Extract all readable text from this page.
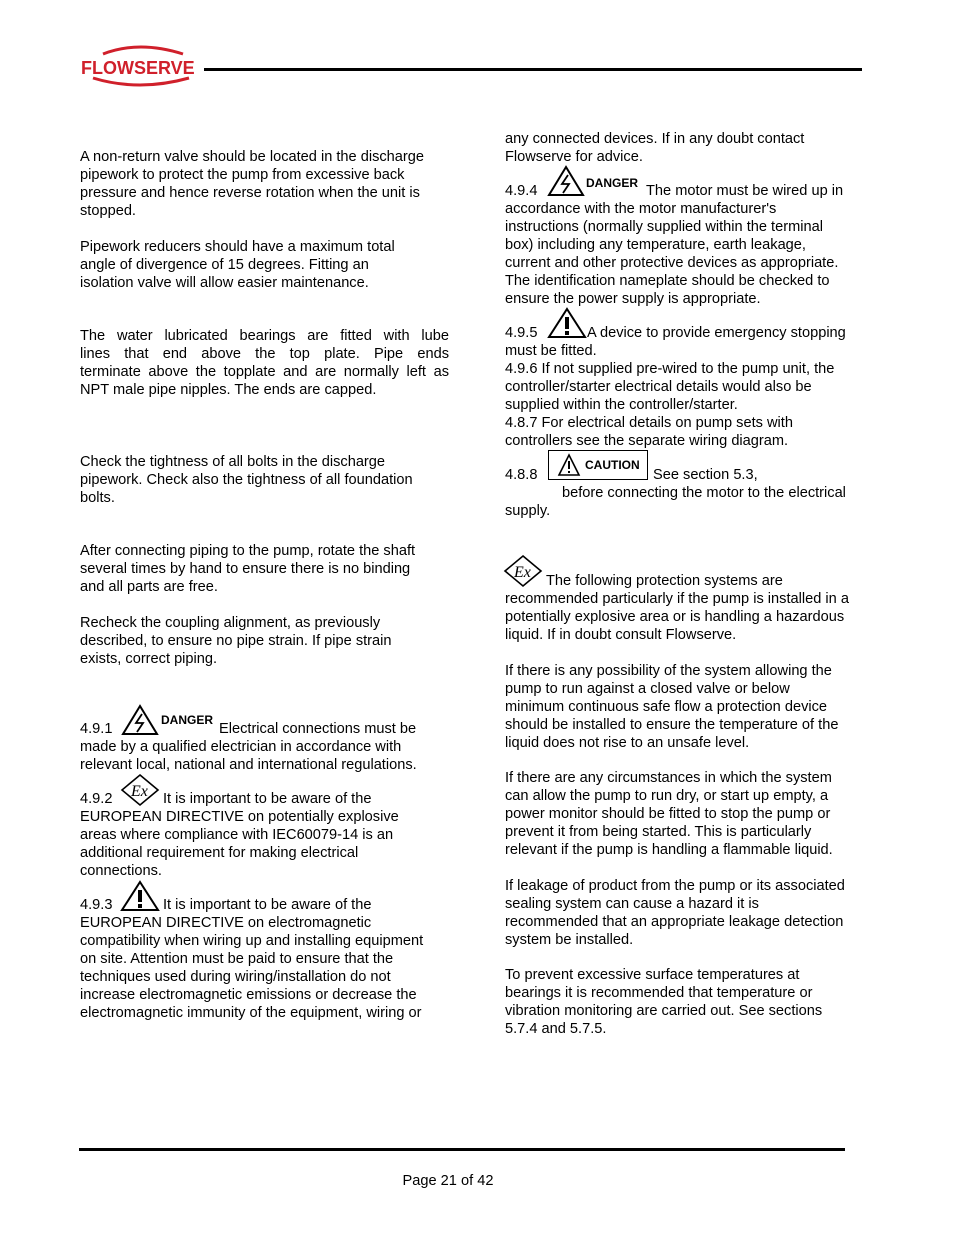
FLOWSERVE
A non-return valve should be located in the discharge
pipework to protect the pump from excessive back
pressure and hence reverse rotation when the unit is
stopped.
Pipework reducers should have a maximum total
angle of divergence of 15 degrees. Fitting an
isolation valve will allow easier maintenance.
The water lubricated bearings are fitted with lube
lines that end above the top plate. Pipe ends
terminate above the topplate and are normally left as
NPT male pipe nipples. The ends are capped.
Check the tightness of all bolts in the discharge
pipework. Check also the tightness of all foundation
bolts.
After connecting piping to the pump, rotate the shaft
several times by hand to ensure there is no binding
and all parts are free.
Recheck the coupling alignment, as previously
described, to ensure no pipe strain. If pipe strain
exists, correct piping.
DANGER
4.9.1	Electrical connections must be
made by a qualified electrician in accordance with
relevant local, national and international regulations.
Ex
4.9.2	It is important to be aware of the
EUROPEAN DIRECTIVE on potentially explosive
areas where compliance with IEC60079-14 is an
additional requirement for making electrical
connections.
4.9.3	It is important to be aware of the
EUROPEAN DIRECTIVE on electromagnetic
compatibility when wiring up and installing equipment
on site. Attention must be paid to ensure that the
techniques used during wiring/installation do not
increase electromagnetic emissions or decrease the
electromagnetic immunity of the equipment, wiring or
any connected devices. If in any doubt contact
Flowserve for advice.
DANGER
4.9.4	The motor must be wired up in
accordance with the motor manufacturer's
instructions (normally supplied within the terminal
box) including any temperature, earth leakage,
current and other protective devices as appropriate.
The identification nameplate should be checked to
ensure the power supply is appropriate.
4.9.5	A device to provide emergency stopping
must be fitted.
4.9.6 If not supplied pre-wired to the pump unit, the
controller/starter electrical details would also be
supplied within the controller/starter.
4.8.7 For electrical details on pump sets with
controllers see the separate wiring diagram.
4.8.8
CAUTION
See section 5.3,
before connecting the motor to the electrical
supply.
Ex The following protection systems are
recommended particularly if the pump is installed in a
potentially explosive area or is handling a hazardous
liquid. If in doubt consult Flowserve.
If there is any possibility of the system allowing the
pump to run against a closed valve or below
minimum continuous safe flow a protection device
should be installed to ensure the temperature of the
liquid does not rise to an unsafe level.
If there are any circumstances in which the system
can allow the pump to run dry, or start up empty, a
power monitor should be fitted to stop the pump or
prevent it from being started. This is particularly
relevant if the pump is handling a flammable liquid.
If leakage of product from the pump or its associated
sealing system can cause a hazard it is
recommended that an appropriate leakage detection
system be installed.
To prevent excessive surface temperatures at
bearings it is recommended that temperature or
vibration monitoring are carried out. See sections
5.7.4 and 5.7.5.
Page 21 of 42
